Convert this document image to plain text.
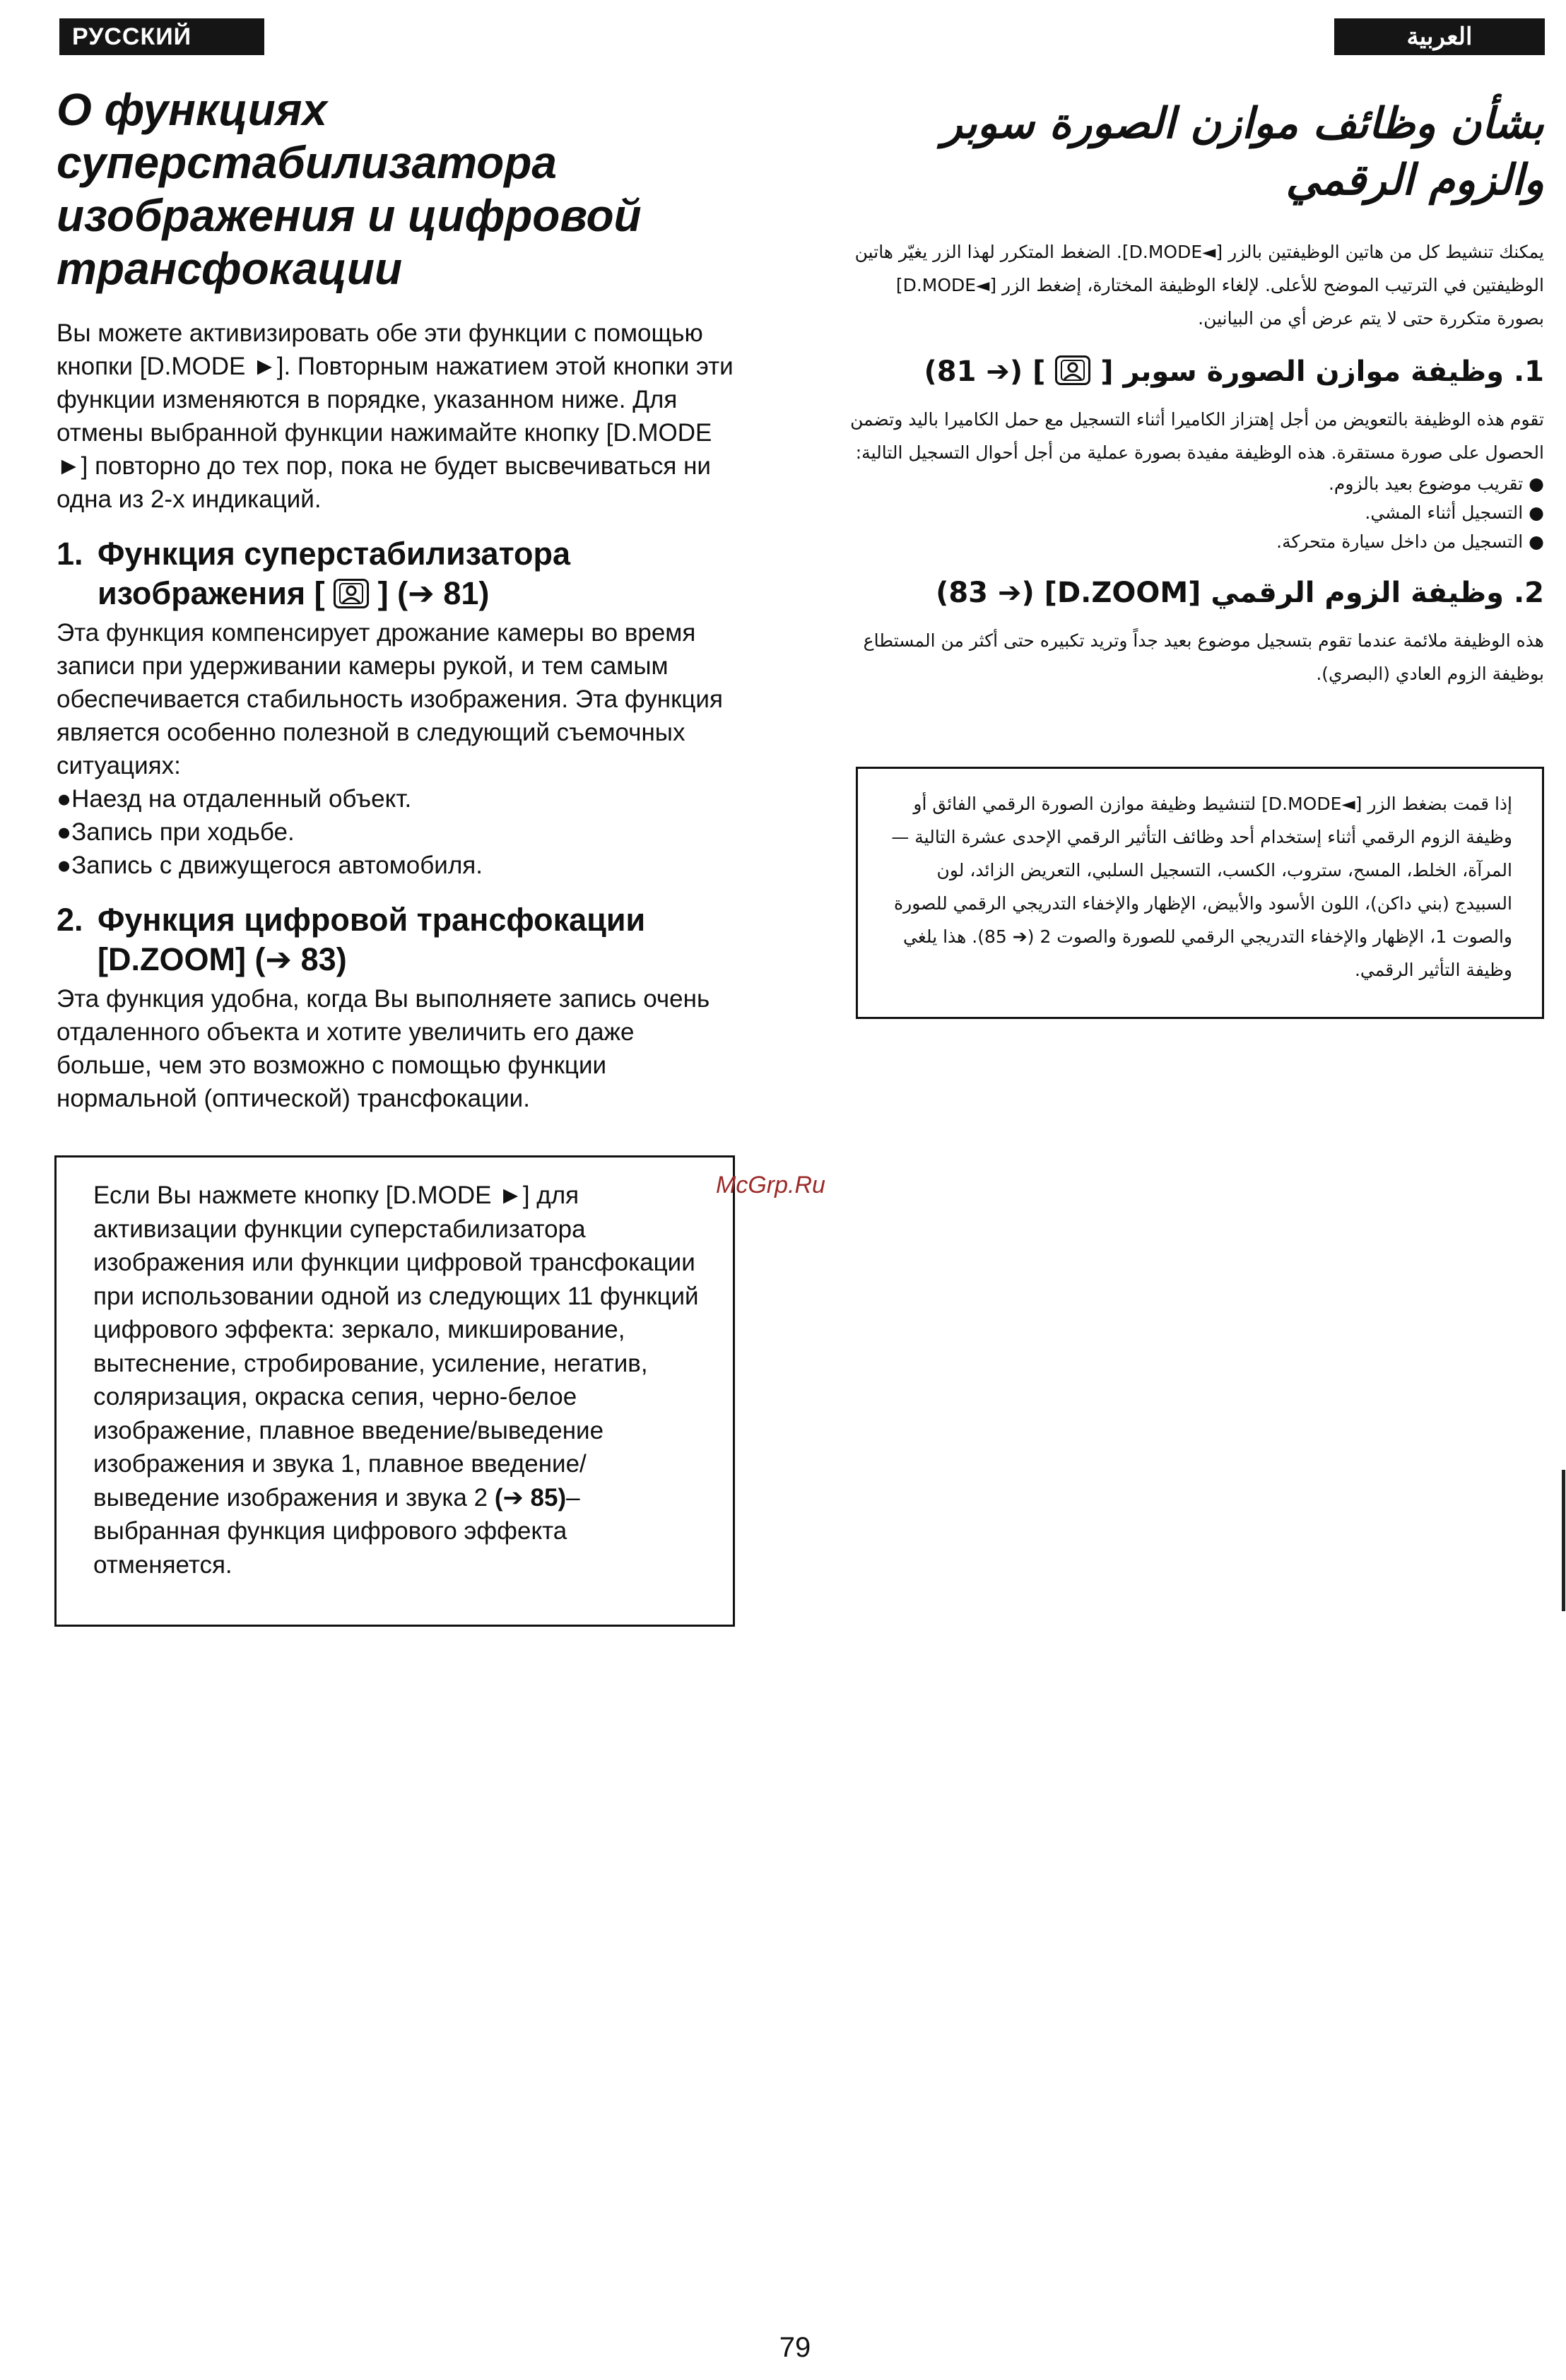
РУССКИЙ ЯЗЫК
العربية
О функциях суперстабилизатора изображения и цифровой трансфокации

Вы можете активизировать обе эти функции с помощью кнопки [D.MODE ►]. Повторным нажатием этой кнопки эти функции изменяются в порядке, указанном ниже. Для отмены выбранной функции нажимайте кнопку [D.MODE ►] повторно до тех пор, пока не будет высвечиваться ни одна из 2-х индикаций.

1. Функция суперстабилизатора изображения [ ] (➔ 81)

Эта функция компенсирует дрожание камеры во время записи при удерживании камеры рукой, и тем самым обеспечивается стабильность изображения. Эта функция является особенно полезной в следующий съемочных ситуациях:

●Наезд на отдаленный объект.
●Запись при ходьбе.
●Запись с движущегося автомобиля.
2. Функция цифровой трансфокации [D.ZOOM] (➔ 83)

Эта функция удобна, когда Вы выполняете запись очень отдаленного объекта и хотите увеличить его даже больше, чем это возможно с помощью функции нормальной (оптической) трансфокации.

Если Вы нажмете кнопку [D.MODE ►] для активизации функции суперстабилизатора изображения или функции цифровой трансфокации при использовании одной из следующих 11 функций цифрового эффекта: зеркало, микширование, вытеснение, стробирование, усиление, негатив, соляризация, окраска сепия, черно-белое изображение, плавное введение/выведение изображения и звука 1, плавное введение/выведение изображения и звука 2 (➔ 85)–выбранная функция цифрового эффекта отменяется.

McGrp.Ru
بشأن وظائف موازن الصورة سوبر والزوم الرقمي

يمكنك تنشيط كل من هاتين الوظيفتين بالزر [◄D.MODE]. الضغط المتكرر لهذا الزر يغيّر هاتين الوظيفتين في الترتيب الموضح للأعلى. لإلغاء الوظيفة المختارة، إضغط الزر [◄D.MODE] بصورة متكررة حتى لا يتم عرض أي من البيانين.

1. وظيفة موازن الصورة سوبر [
] (➔ 81)

تقوم هذه الوظيفة بالتعويض من أجل إهتزاز الكاميرا أثناء التسجيل مع حمل الكاميرا باليد وتضمن الحصول على صورة مستقرة. هذه الوظيفة مفيدة بصورة عملية من أجل أحوال التسجيل التالية:

● تقريب موضوع بعيد بالزوم.
● التسجيل أثناء المشي.
● التسجيل من داخل سيارة متحركة.
2. وظيفة الزوم الرقمي [D.ZOOM] (➔ 83)

هذه الوظيفة ملائمة عندما تقوم بتسجيل موضوع بعيد جداً وتريد تكبيره حتى أكثر من المستطاع بوظيفة الزوم العادي (البصري).

إذا قمت بضغط الزر [◄D.MODE] لتنشيط وظيفة موازن الصورة الرقمي الفائق أو وظيفة الزوم الرقمي أثناء إستخدام أحد وظائف التأثير الرقمي الإحدى عشرة التالية — المرآة، الخلط، المسح، ستروب، الكسب، التسجيل السلبي، التعريض الزائد، لون السبيدج (بني داكن)، اللون الأسود والأبيض، الإظهار والإخفاء التدريجي الرقمي للصورة والصوت 1، الإظهار والإخفاء التدريجي الرقمي للصورة والصوت 2 (➔ 85). هذا يلغي وظيفة التأثير الرقمي.

79
